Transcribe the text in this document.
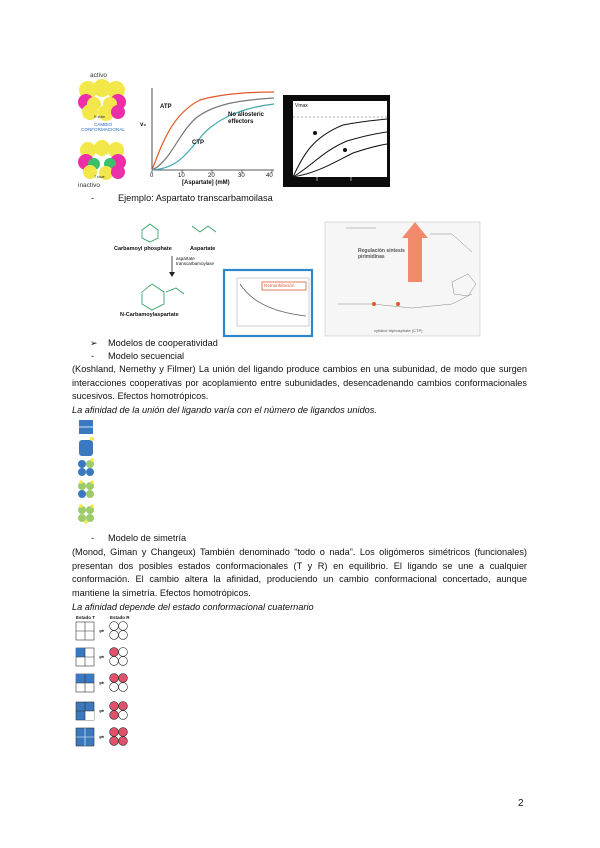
activo
R state
CAMBIO CONFORMACIONAL
T state
inactivo
v₀
ATP
CTP
No allosteric effectors
0	10	20	30	40
[Aspartate] (mM)
Vmax
-	Ejemplo: Aspartato transcarbamoilasa
Carbamoyl phosphate	Aspartate
aspartate transcarbamoylase
N-Carbamoylaspartate
Regulación síntesis pirimidinas
Retroinhibición
cytidine triphosphate (CTP)
➢ Modelos de cooperatividad
- Modelo secuencial
(Koshland, Nemethy y Filmer) La unión del ligando produce cambios en una subunidad, de modo que surgen interacciones cooperativas por acoplamiento entre subunidades, desencadenando cambios conformacionales sucesivos. Efectos homotrópicos.
La afinidad de la unión del ligando varía con el número de ligandos unidos.
- Modelo de simetría
(Monod, Giman y Changeux) También denominado “todo o nada”. Los oligómeros simétricos (funcionales) presentan dos posibles estados conformacionales (T y R) en equilibrio. El ligando se une a cualquier conformación. El cambio altera la afinidad, produciendo un cambio conformacional concertado, aunque mantiene la simetría. Efectos homotrópicos.
La afinidad depende del estado conformacional cuaternario
Estado T	Estado R
⇌
⇌
⇌
⇌
⇌
2
